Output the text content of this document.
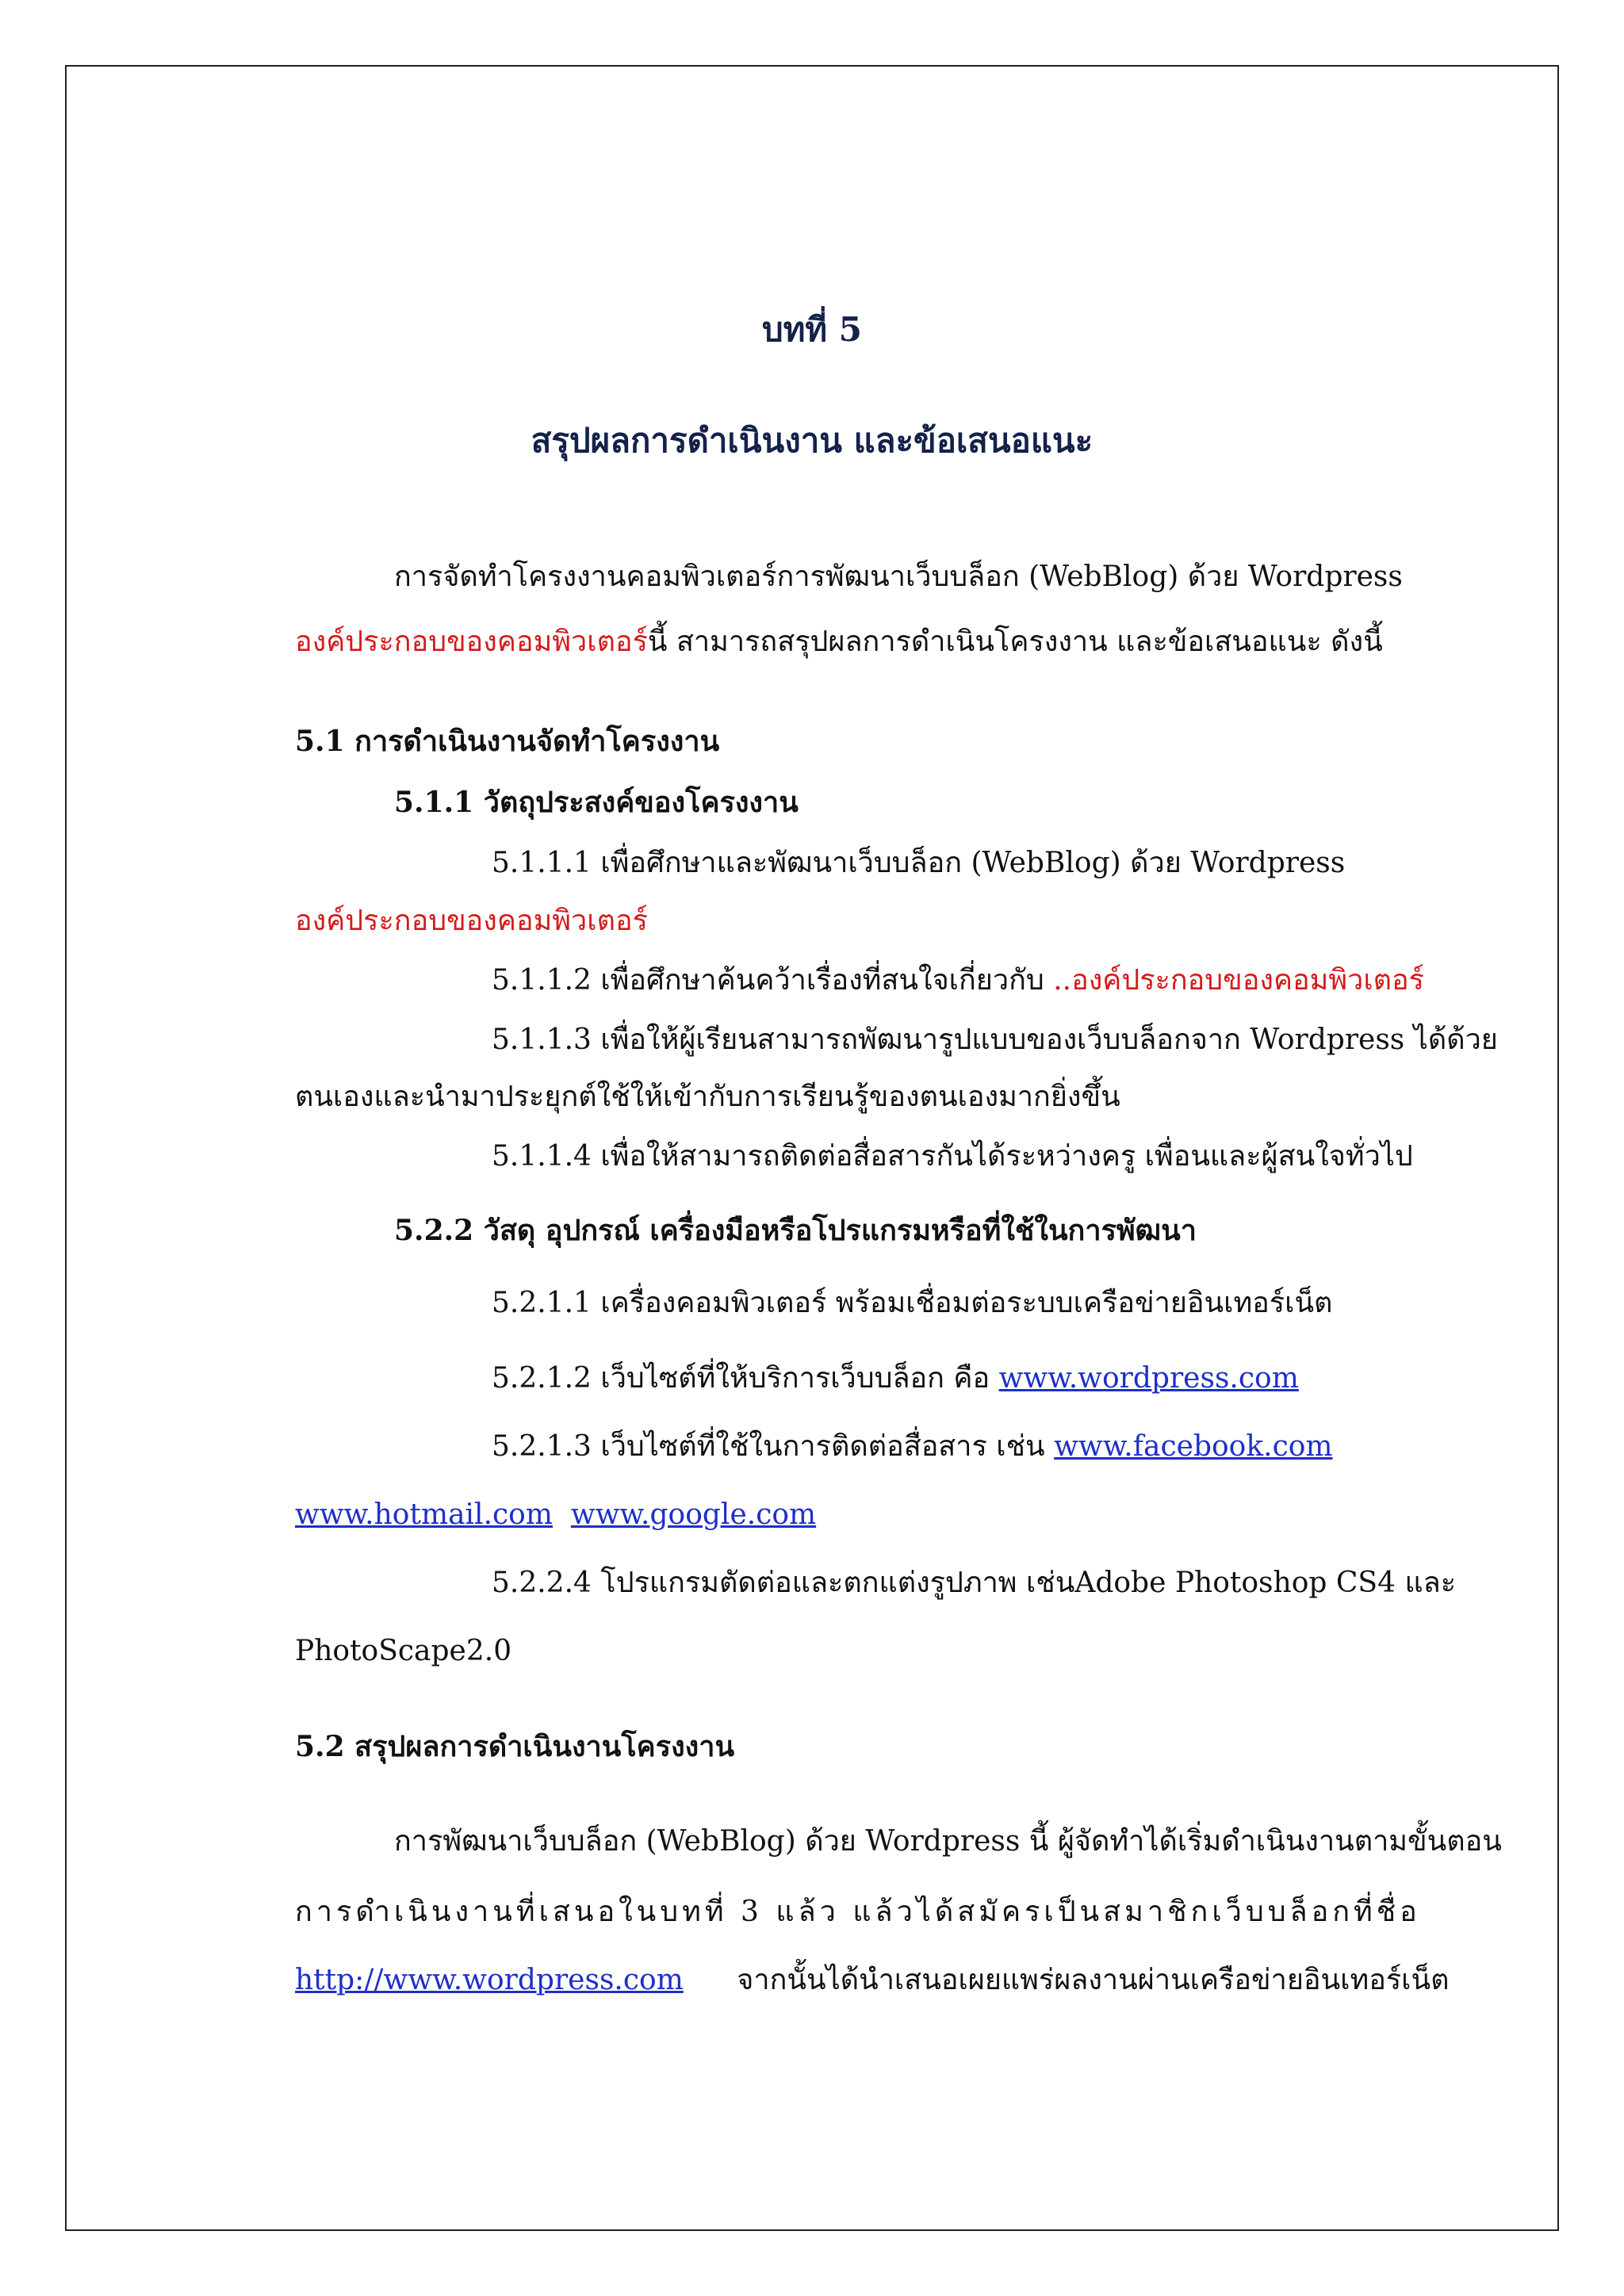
บทที่ 5
สรุปผลการดำเนินงาน และข้อเสนอแนะ
การจัดทำโครงงานคอมพิวเตอร์การพัฒนาเว็บบล็อก (WebBlog) ด้วย Wordpress
องค์ประกอบของคอมพิวเตอร์นี้ สามารถสรุปผลการดำเนินโครงงาน และข้อเสนอแนะ ดังนี้
5.1 การดำเนินงานจัดทำโครงงาน
5.1.1 วัตถุประสงค์ของโครงงาน
5.1.1.1 เพื่อศึกษาและพัฒนาเว็บบล็อก (WebBlog) ด้วย Wordpress
องค์ประกอบของคอมพิวเตอร์
5.1.1.2 เพื่อศึกษาค้นคว้าเรื่องที่สนใจเกี่ยวกับ ..องค์ประกอบของคอมพิวเตอร์
5.1.1.3 เพื่อให้ผู้เรียนสามารถพัฒนารูปแบบของเว็บบล็อกจาก Wordpress ได้ด้วย
ตนเองและนำมาประยุกต์ใช้ให้เข้ากับการเรียนรู้ของตนเองมากยิ่งขึ้น
5.1.1.4 เพื่อให้สามารถติดต่อสื่อสารกันได้ระหว่างครู เพื่อนและผู้สนใจทั่วไป
5.2.2 วัสดุ อุปกรณ์ เครื่องมือหรือโปรแกรมหรือที่ใช้ในการพัฒนา
5.2.1.1 เครื่องคอมพิวเตอร์ พร้อมเชื่อมต่อระบบเครือข่ายอินเทอร์เน็ต
5.2.1.2 เว็บไซต์ที่ให้บริการเว็บบล็อก คือ www.wordpress.com
5.2.1.3 เว็บไซต์ที่ใช้ในการติดต่อสื่อสาร เช่น www.facebook.com
www.hotmail.com www.google.com
5.2.2.4 โปรแกรมตัดต่อและตกแต่งรูปภาพ เช่นAdobe Photoshop CS4 และ
PhotoScape2.0
5.2 สรุปผลการดำเนินงานโครงงาน
การพัฒนาเว็บบล็อก (WebBlog) ด้วย Wordpress นี้ ผู้จัดทำได้เริ่มดำเนินงานตามขั้นตอน
การดำเนินงานที่เสนอในบทที่ 3 แล้ว แล้วได้สมัครเป็นสมาชิกเว็บบล็อกที่ชื่อ
http://www.wordpress.com จากนั้นได้นำเสนอเผยแพร่ผลงานผ่านเครือข่ายอินเทอร์เน็ต
